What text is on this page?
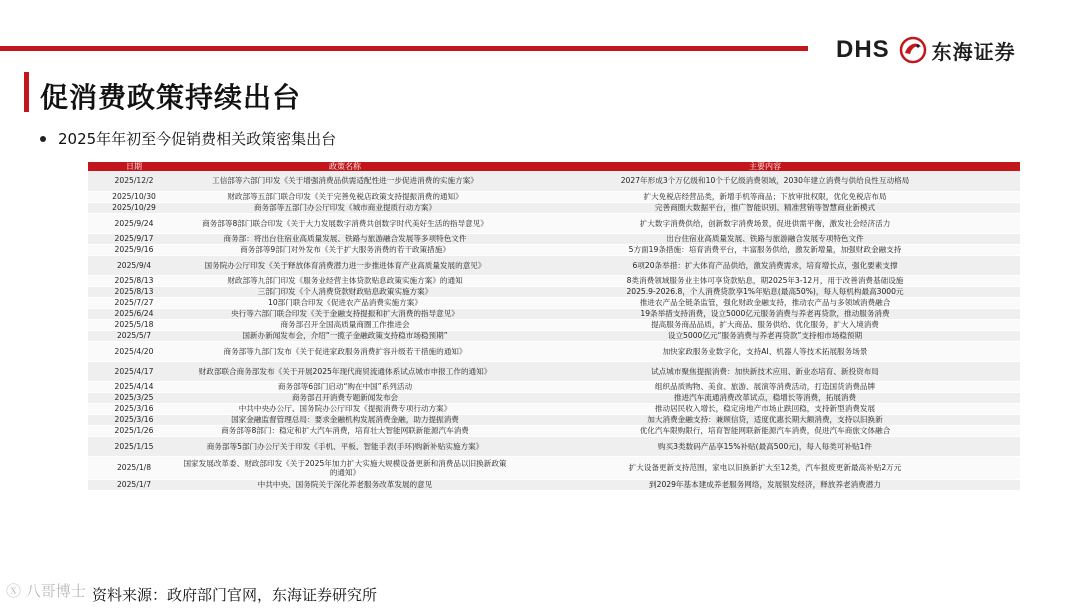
DHS 东海证券
促消费政策持续出台
2025年年初至今促销费相关政策密集出台
日期	政策名称	主要内容
2025/12/2	工信部等六部门印发《关于增强消费品供需适配性进一步促进消费的实施方案》	2027年形成3个万亿级和10个千亿级消费领域，2030年建立消费与供给良性互动格局
2025/10/30	财政部等五部门联合印发《关于完善免税店政策支持提振消费的通知》	扩大免税店经营品类，新增手机等商品；下放审批权限，优化免税店布局
2025/10/29	商务部等五部门办公厅印发《城市商业提质行动方案》	完善商圈大数据平台，推广智能识别、精准营销等智慧商业新模式
2025/9/24	商务部等8部门联合印发《关于大力发展数字消费共创数字时代美好生活的指导意见》	扩大数字消费供给，创新数字消费场景，促进供需平衡，激发社会经济活力
2025/9/17	商务部：将出台住宿业高质量发展、铁路与旅游融合发展等多项特色文件	出台住宿业高质量发展、铁路与旅游融合发展专项特色文件
2025/9/16	商务部等9部门对外发布《关于扩大服务消费的若干政策措施》	5方面19条措施：培育消费平台，丰富服务供给，激发新增量，加强财政金融支持
2025/9/4	国务院办公厅印发《关于释放体育消费潜力进一步推进体育产业高质量发展的意见》	6项20条举措：扩大体育产品供给，激发消费需求，培育增长点，强化要素支撑
2025/8/13	财政部等九部门印发《服务业经营主体贷款贴息政策实施方案》的通知	8类消费领域服务业主体可享贷款贴息，期2025年3-12月，用于改善消费基础设施
2025/8/13	三部门印发《个人消费贷款财政贴息政策实施方案》	2025.9-2026.8，个人消费贷款享1%年贴息(最高50%)，每人每机构最高3000元
2025/7/27	10部门联合印发《促进农产品消费实施方案》	推进农产品全链条监管，强化财政金融支持，推动农产品与多领域消费融合
2025/6/24	央行等六部门联合印发《关于金融支持提振和扩大消费的指导意见》	19条举措支持消费，设立5000亿元服务消费与养老再贷款，推动服务消费
2025/5/18	商务部召开全国高质量商圈工作推进会	提高服务商品品质，扩大商品、服务供给、优化服务，扩大入境消费
2025/5/7	国新办新闻发布会，介绍“一揽子金融政策支持稳市场稳预期”	设立5000亿元“服务消费与养老再贷款”支持相市场稳预期
2025/4/20	商务部等九部门发布《关于促进家政服务消费扩容升级若干措施的通知》	加快家政服务业数字化，支持AI、机器人等技术拓展服务场景
2025/4/17	财政部联合商务部发布《关于开展2025年现代商贸流通体系试点城市申报工作的通知》	试点城市聚焦提振消费：加快新技术应用、新业态培育、新投资布局
2025/4/14	商务部等6部门启动“购在中国”系列活动	组织品质购物、美食、旅游、展演等消费活动，打造国货消费品牌
2025/3/25	商务部召开消费专题新闻发布会	推进汽车流通消费改革试点，稳增长等消费，拓展消费
2025/3/16	中共中央办公厅、国务院办公厅印发《提振消费专项行动方案》	推动居民收入增长，稳定房地产市场止跌回稳，支持新型消费发展
2025/3/16	国家金融监督管理总局：要求金融机构发展消费金融，助力提振消费	加大消费金融支持：兼顾信贷，适度优惠长期大额消费，支持以旧换新
2025/1/26	商务部等8部门：稳定和扩大汽车消费，培育壮大智能网联新能源汽车消费	优化汽车限购限行，培育智能网联新能源汽车消费，促进汽车商旅文体融合
2025/1/15	商务部等5部门办公厅关于印发《手机、平板、智能手表(手环)购新补贴实施方案》	购买3类数码产品享15%补贴(最高500元)，每人每类可补贴1件
2025/1/8	国家发展改革委、财政部印发《关于2025年加力扩大实施大规模设备更新和消费品以旧换新政策的通知》	扩大设备更新支持范围，家电以旧换新扩大至12类，汽车报废更新最高补贴2万元
2025/1/7	中共中央、国务院关于深化养老服务改革发展的意见	到2029年基本建成养老服务网络，发展银发经济，释放养老消费潜力
ⓧ 八哥博士 资料来源：政府部门官网，东海证券研究所
